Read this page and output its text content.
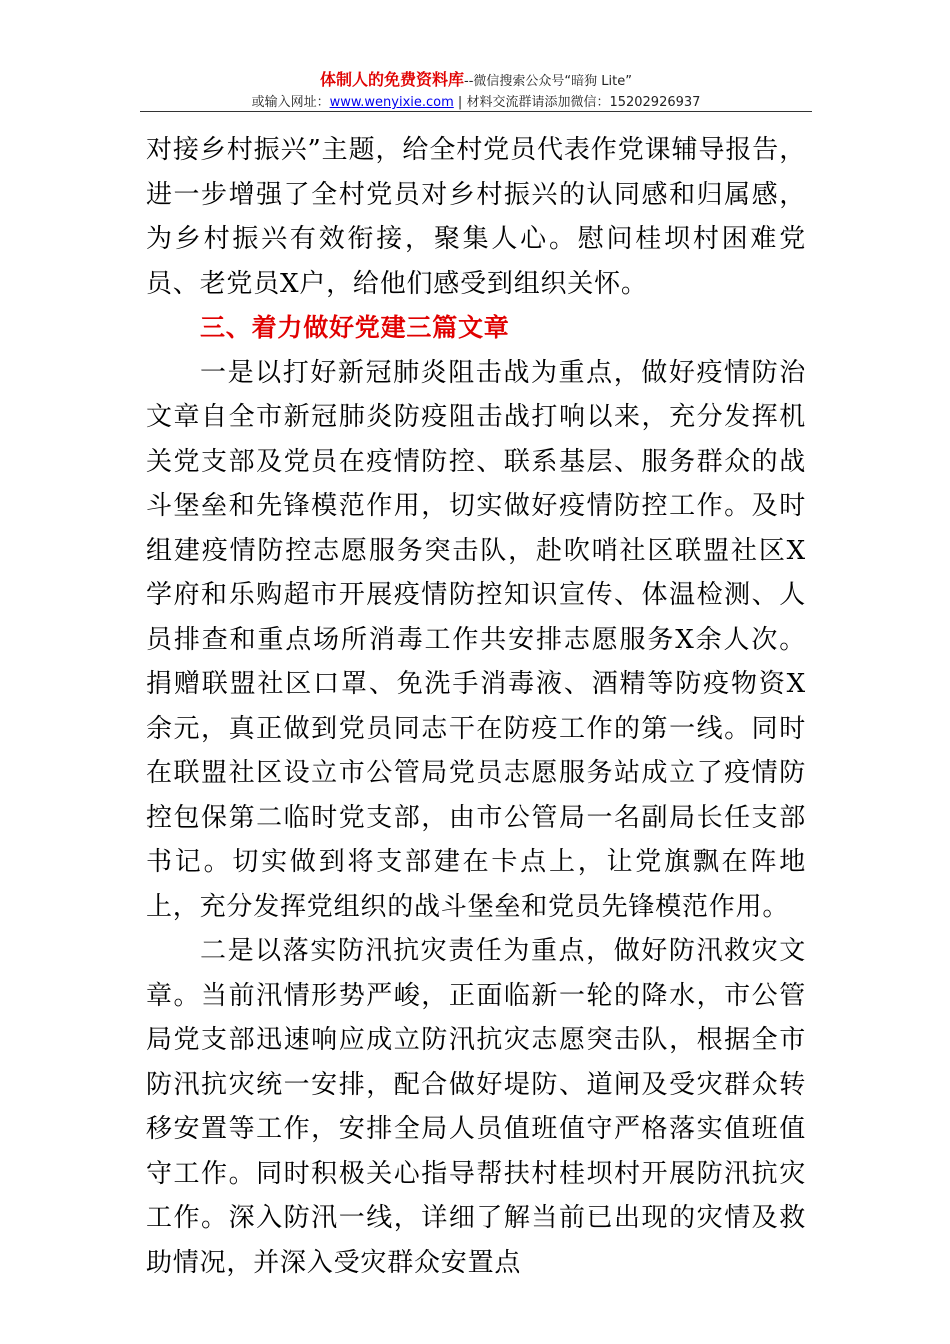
体制人的免费资料库--微信搜索公众号“暗狗 Lite”
或输入网址：www.wenyixie.com | 材料交流群请添加微信：15202926937

对接乡村振兴”主题，给全村党员代表作党课辅导报告，进一步增强了全村党员对乡村振兴的认同感和归属感，为乡村振兴有效衔接，聚集人心。慰问桂坝村困难党员、老党员X户，给他们感受到组织关怀。

三、着力做好党建三篇文章

一是以打好新冠肺炎阻击战为重点，做好疫情防治文章自全市新冠肺炎防疫阻击战打响以来，充分发挥机关党支部及党员在疫情防控、联系基层、服务群众的战斗堡垒和先锋模范作用，切实做好疫情防控工作。及时组建疫情防控志愿服务突击队，赴吹哨社区联盟社区X学府和乐购超市开展疫情防控知识宣传、体温检测、人员排查和重点场所消毒工作共安排志愿服务X余人次。捐赠联盟社区口罩、免洗手消毒液、酒精等防疫物资X余元，真正做到党员同志干在防疫工作的第一线。同时在联盟社区设立市公管局党员志愿服务站成立了疫情防控包保第二临时党支部，由市公管局一名副局长任支部书记。切实做到将支部建在卡点上，让党旗飘在阵地上，充分发挥党组织的战斗堡垒和党员先锋模范作用。

二是以落实防汛抗灾责任为重点，做好防汛救灾文章。当前汛情形势严峻，正面临新一轮的降水，市公管局党支部迅速响应成立防汛抗灾志愿突击队，根据全市防汛抗灾统一安排，配合做好堤防、道闸及受灾群众转移安置等工作，安排全局人员值班值守严格落实值班值守工作。同时积极关心指导帮扶村桂坝村开展防汛抗灾工作。深入防汛一线，详细了解当前已出现的灾情及救助情况，并深入受灾群众安置点
